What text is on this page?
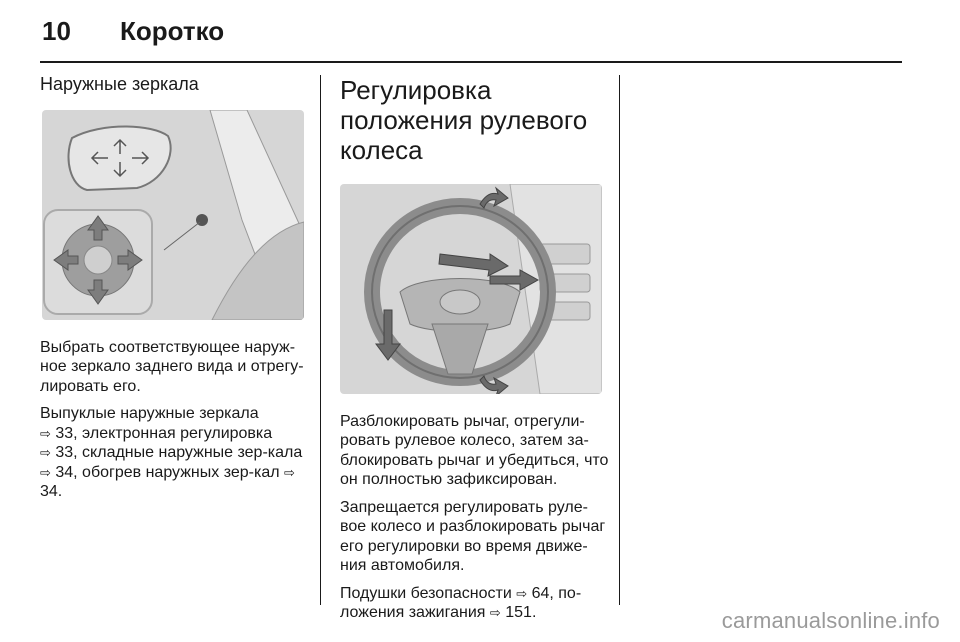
10 Коротко
Наружные зеркала

Выбрать соответствующее наруж-ное зеркало заднего вида и отрегу-лировать его.

Выпуклые наружные зеркала
⇨ 33, электронная регулировка
⇨ 33, складные наружные зер-кала ⇨ 34, обогрев наружных зер-кал ⇨ 34.

Регулировка положения рулевого колеса

Разблокировать рычаг, отрегули-ровать рулевое колесо, затем за-блокировать рычаг и убедиться, что он полностью зафиксирован.

Запрещается регулировать руле-вое колесо и разблокировать рычаг его регулировки во время движе-ния автомобиля.

Подушки безопасности ⇨ 64, по-ложения зажигания ⇨ 151.	carmanualsonline.info
